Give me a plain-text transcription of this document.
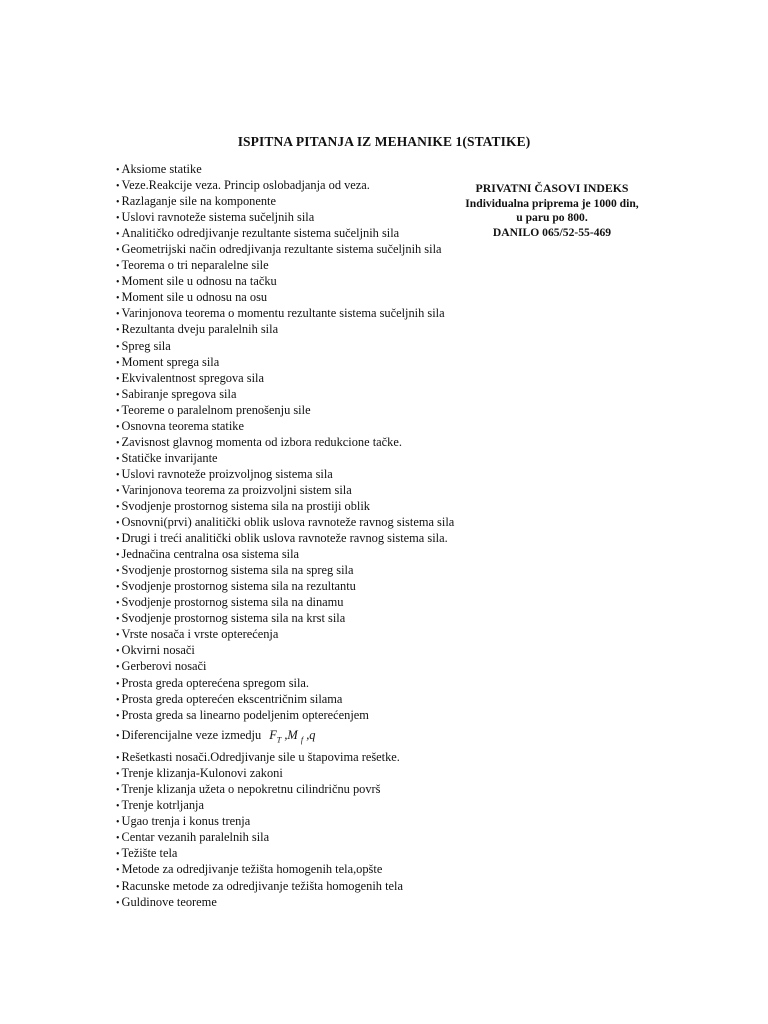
ISPITNA PITANJA IZ MEHANIKE 1(STATIKE)
• Aksiome statike
• Veze.Reakcije veza. Princip oslobadjanja od veza.
• Razlaganje sile na komponente
• Uslovi ravnoteže sistema sučeljnih sila
• Analitičko odredjivanje rezultante sistema sučeljnih sila
• Geometrijski način odredjivanja rezultante sistema sučeljnih sila
• Teorema o tri neparalelne sile
• Moment sile u odnosu na tačku
• Moment sile u odnosu na osu
• Varinjonova teorema o momentu rezultante sistema sučeljnih sila
• Rezultanta dveju paralelnih sila
• Spreg sila
• Moment sprega sila
• Ekvivalentnost spregova sila
• Sabiranje spregova sila
• Teoreme o paralelnom prenošenju sile
• Osnovna teorema statike
• Zavisnost glavnog momenta od izbora redukcione tačke.
• Statičke invarijante
• Uslovi ravnoteže proizvoljnog sistema sila
• Varinjonova teorema za proizvoljni sistem sila
• Svodjenje prostornog sistema sila na prostiji oblik
• Osnovni(prvi) analitički oblik uslova ravnoteže ravnog sistema sila
• Drugi i treći analitički oblik uslova ravnoteže ravnog sistema sila.
• Jednačina centralna osa sistema sila
• Svodjenje prostornog sistema sila na spreg sila
• Svodjenje prostornog sistema sila na rezultantu
• Svodjenje prostornog sistema sila na dinamu
• Svodjenje prostornog sistema sila na krst sila
• Vrste nosača i vrste opterećenja
• Okvirni nosači
• Gerberovi nosači
• Prosta greda opterećena spregom sila.
• Prosta greda opterećen ekscentričnim silama
• Prosta greda sa linearno podeljenim opterećenjem
• Diferencijalne veze izmedju $F_T$ ,M $_f$ ,q
• Rešetkasti nosači.Odredjivanje sile u štapovima rešetke.
• Trenje klizanja-Kulonovi zakoni
• Trenje klizanja užeta o nepokretnu cilindričnu površ
• Trenje kotrljanja
• Ugao trenja i konus trenja
• Centar vezanih paralelnih sila
• Težište tela
• Metode za odredjivanje težišta homogenih tela,opšte
• Racunske metode za odredjivanje težišta homogenih tela
• Guldinove teoreme
PRIVATNI ČASOVI INDEKS
Individualna priprema je 1000 din,
u paru po 800.
DANILO 065/52-55-469
